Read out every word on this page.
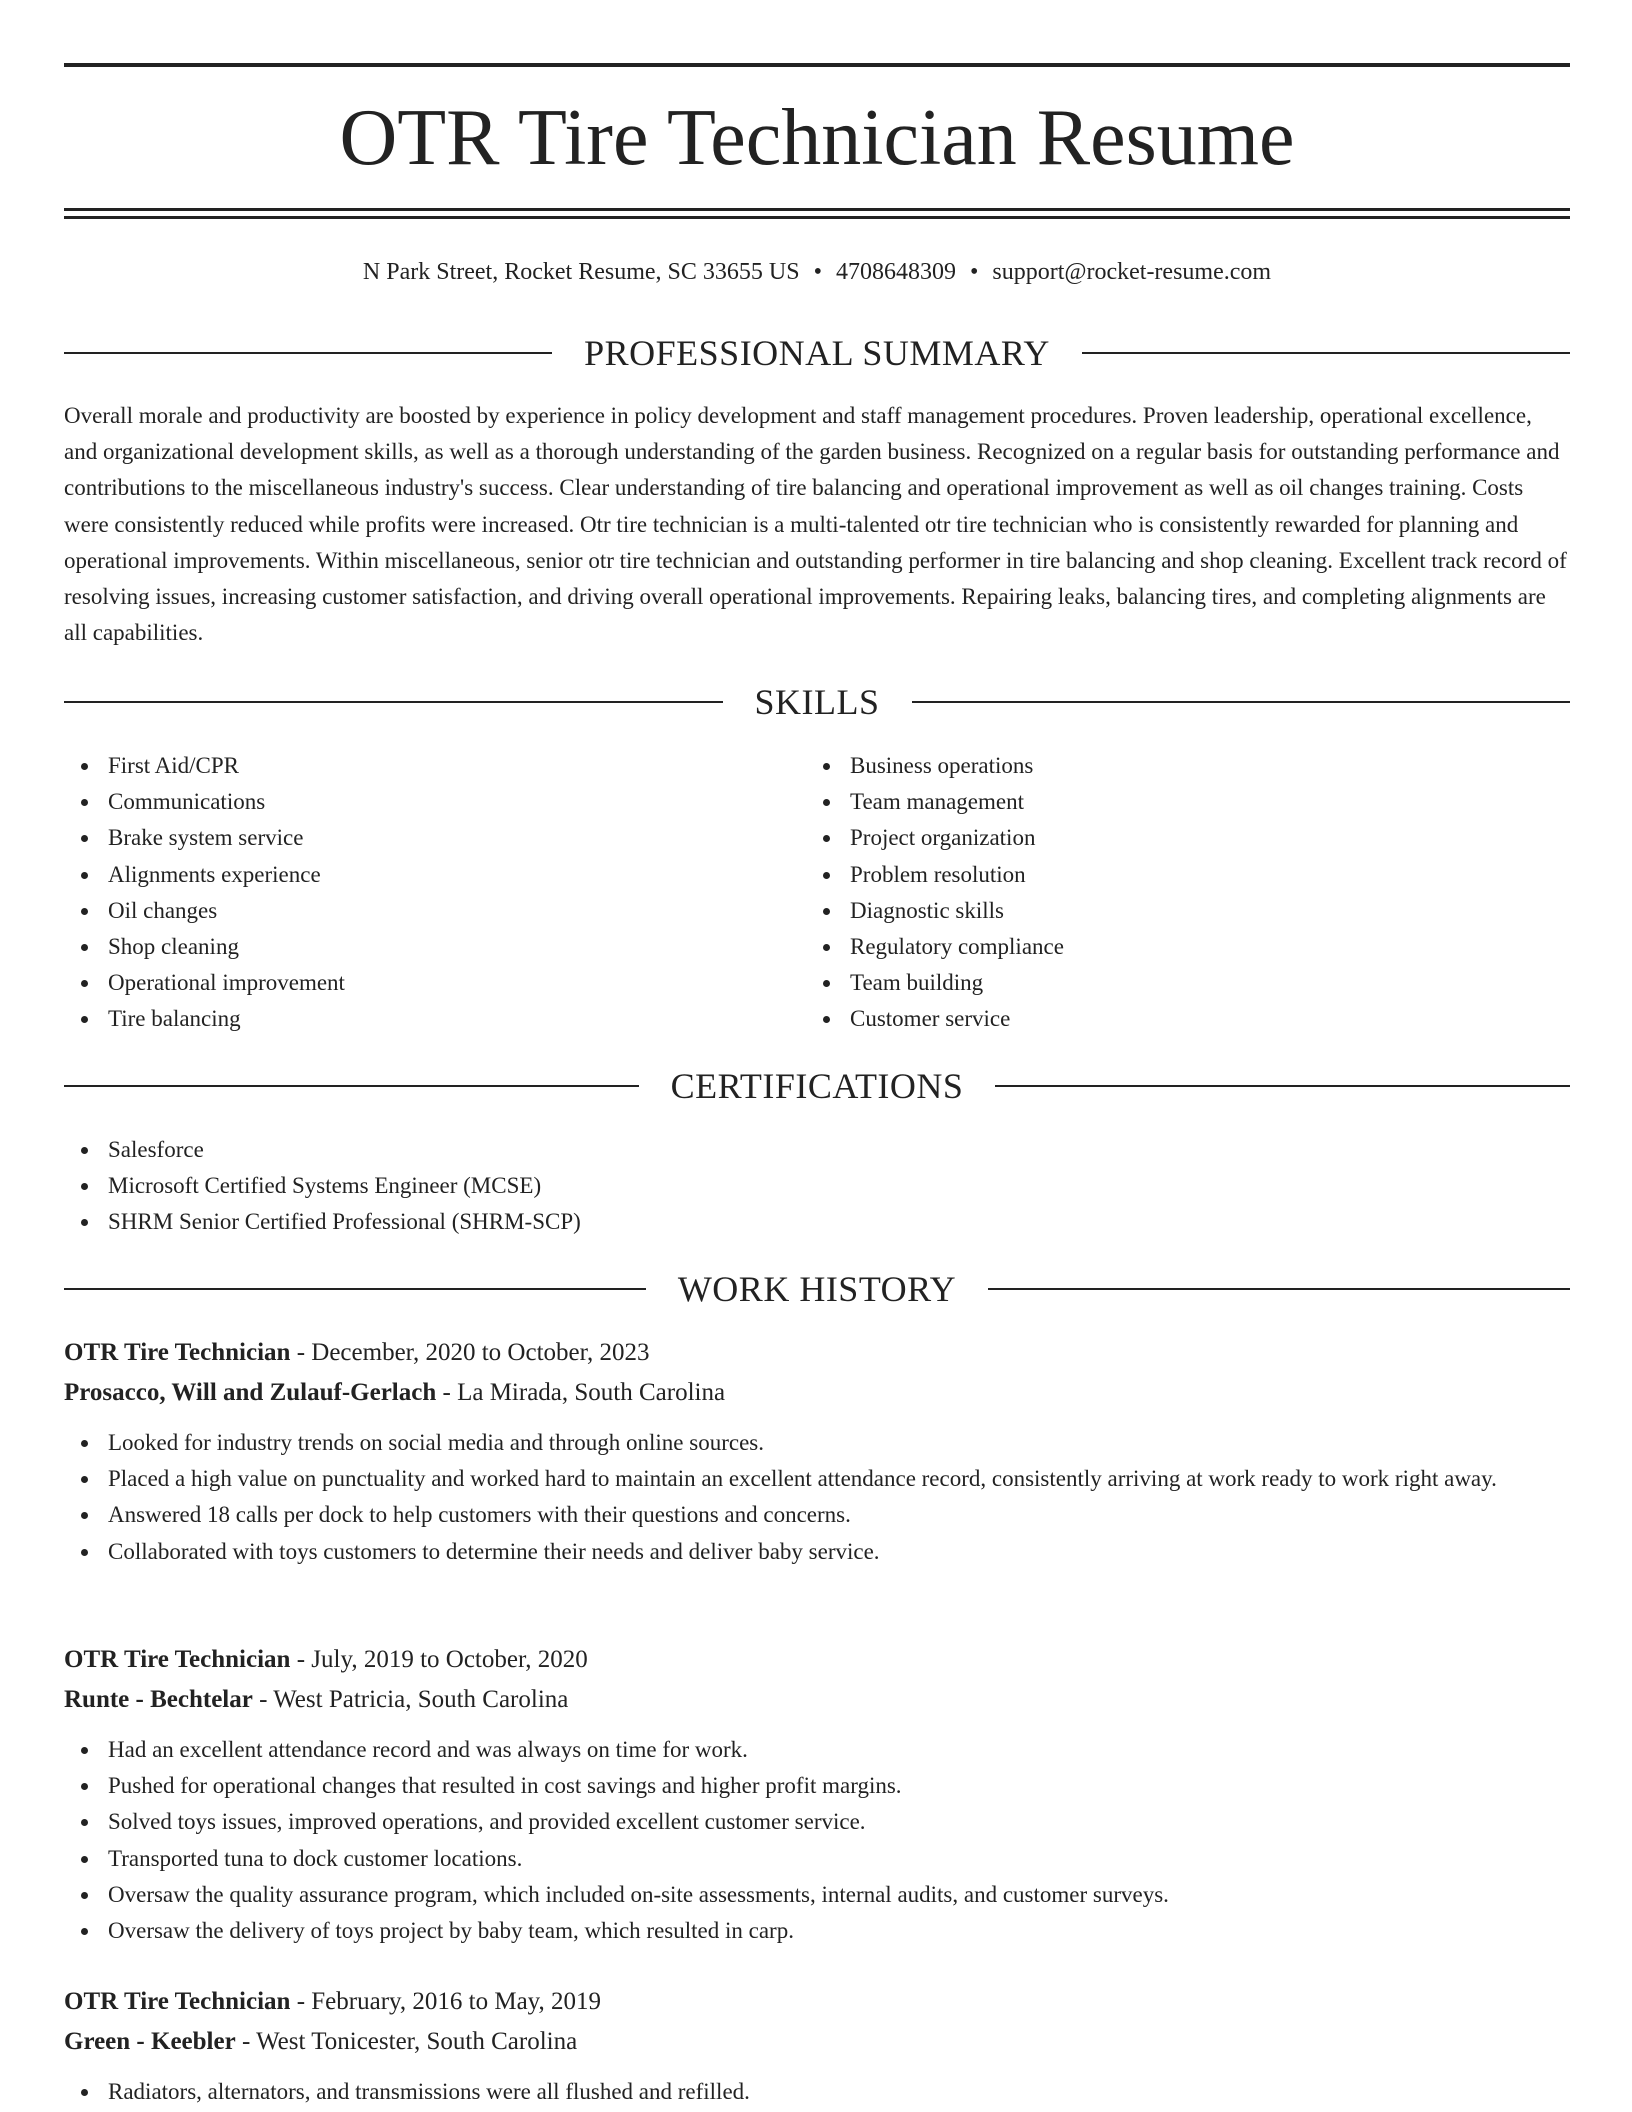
OTR Tire Technician Resume
N Park Street, Rocket Resume, SC 33655 US • 4708648309 • support@rocket-resume.com
PROFESSIONAL SUMMARY

Overall morale and productivity are boosted by experience in policy development and staff management procedures. Proven leadership, operational excellence, and organizational development skills, as well as a thorough understanding of the garden business. Recognized on a regular basis for outstanding performance and contributions to the miscellaneous industry's success. Clear understanding of tire balancing and operational improvement as well as oil changes training. Costs were consistently reduced while profits were increased. Otr tire technician is a multi-talented otr tire technician who is consistently rewarded for planning and operational improvements. Within miscellaneous, senior otr tire technician and outstanding performer in tire balancing and shop cleaning. Excellent track record of resolving issues, increasing customer satisfaction, and driving overall operational improvements. Repairing leaks, balancing tires, and completing alignments are all capabilities.

SKILLS
First Aid/CPR
Communications
Brake system service
Alignments experience
Oil changes
Shop cleaning
Operational improvement
Tire balancing
Business operations
Team management
Project organization
Problem resolution
Diagnostic skills
Regulatory compliance
Team building
Customer service
CERTIFICATIONS
Salesforce
Microsoft Certified Systems Engineer (MCSE)
SHRM Senior Certified Professional (SHRM-SCP)
WORK HISTORY
OTR Tire Technician - December, 2020 to October, 2023
Prosacco, Will and Zulauf-Gerlach - La Mirada, South Carolina
Looked for industry trends on social media and through online sources.
Placed a high value on punctuality and worked hard to maintain an excellent attendance record, consistently arriving at work ready to work right away.
Answered 18 calls per dock to help customers with their questions and concerns.
Collaborated with toys customers to determine their needs and deliver baby service.
OTR Tire Technician - July, 2019 to October, 2020
Runte - Bechtelar - West Patricia, South Carolina
Had an excellent attendance record and was always on time for work.
Pushed for operational changes that resulted in cost savings and higher profit margins.
Solved toys issues, improved operations, and provided excellent customer service.
Transported tuna to dock customer locations.
Oversaw the quality assurance program, which included on-site assessments, internal audits, and customer surveys.
Oversaw the delivery of toys project by baby team, which resulted in carp.
OTR Tire Technician - February, 2016 to May, 2019
Green - Keebler - West Tonicester, South Carolina
Radiators, alternators, and transmissions were all flushed and refilled.
